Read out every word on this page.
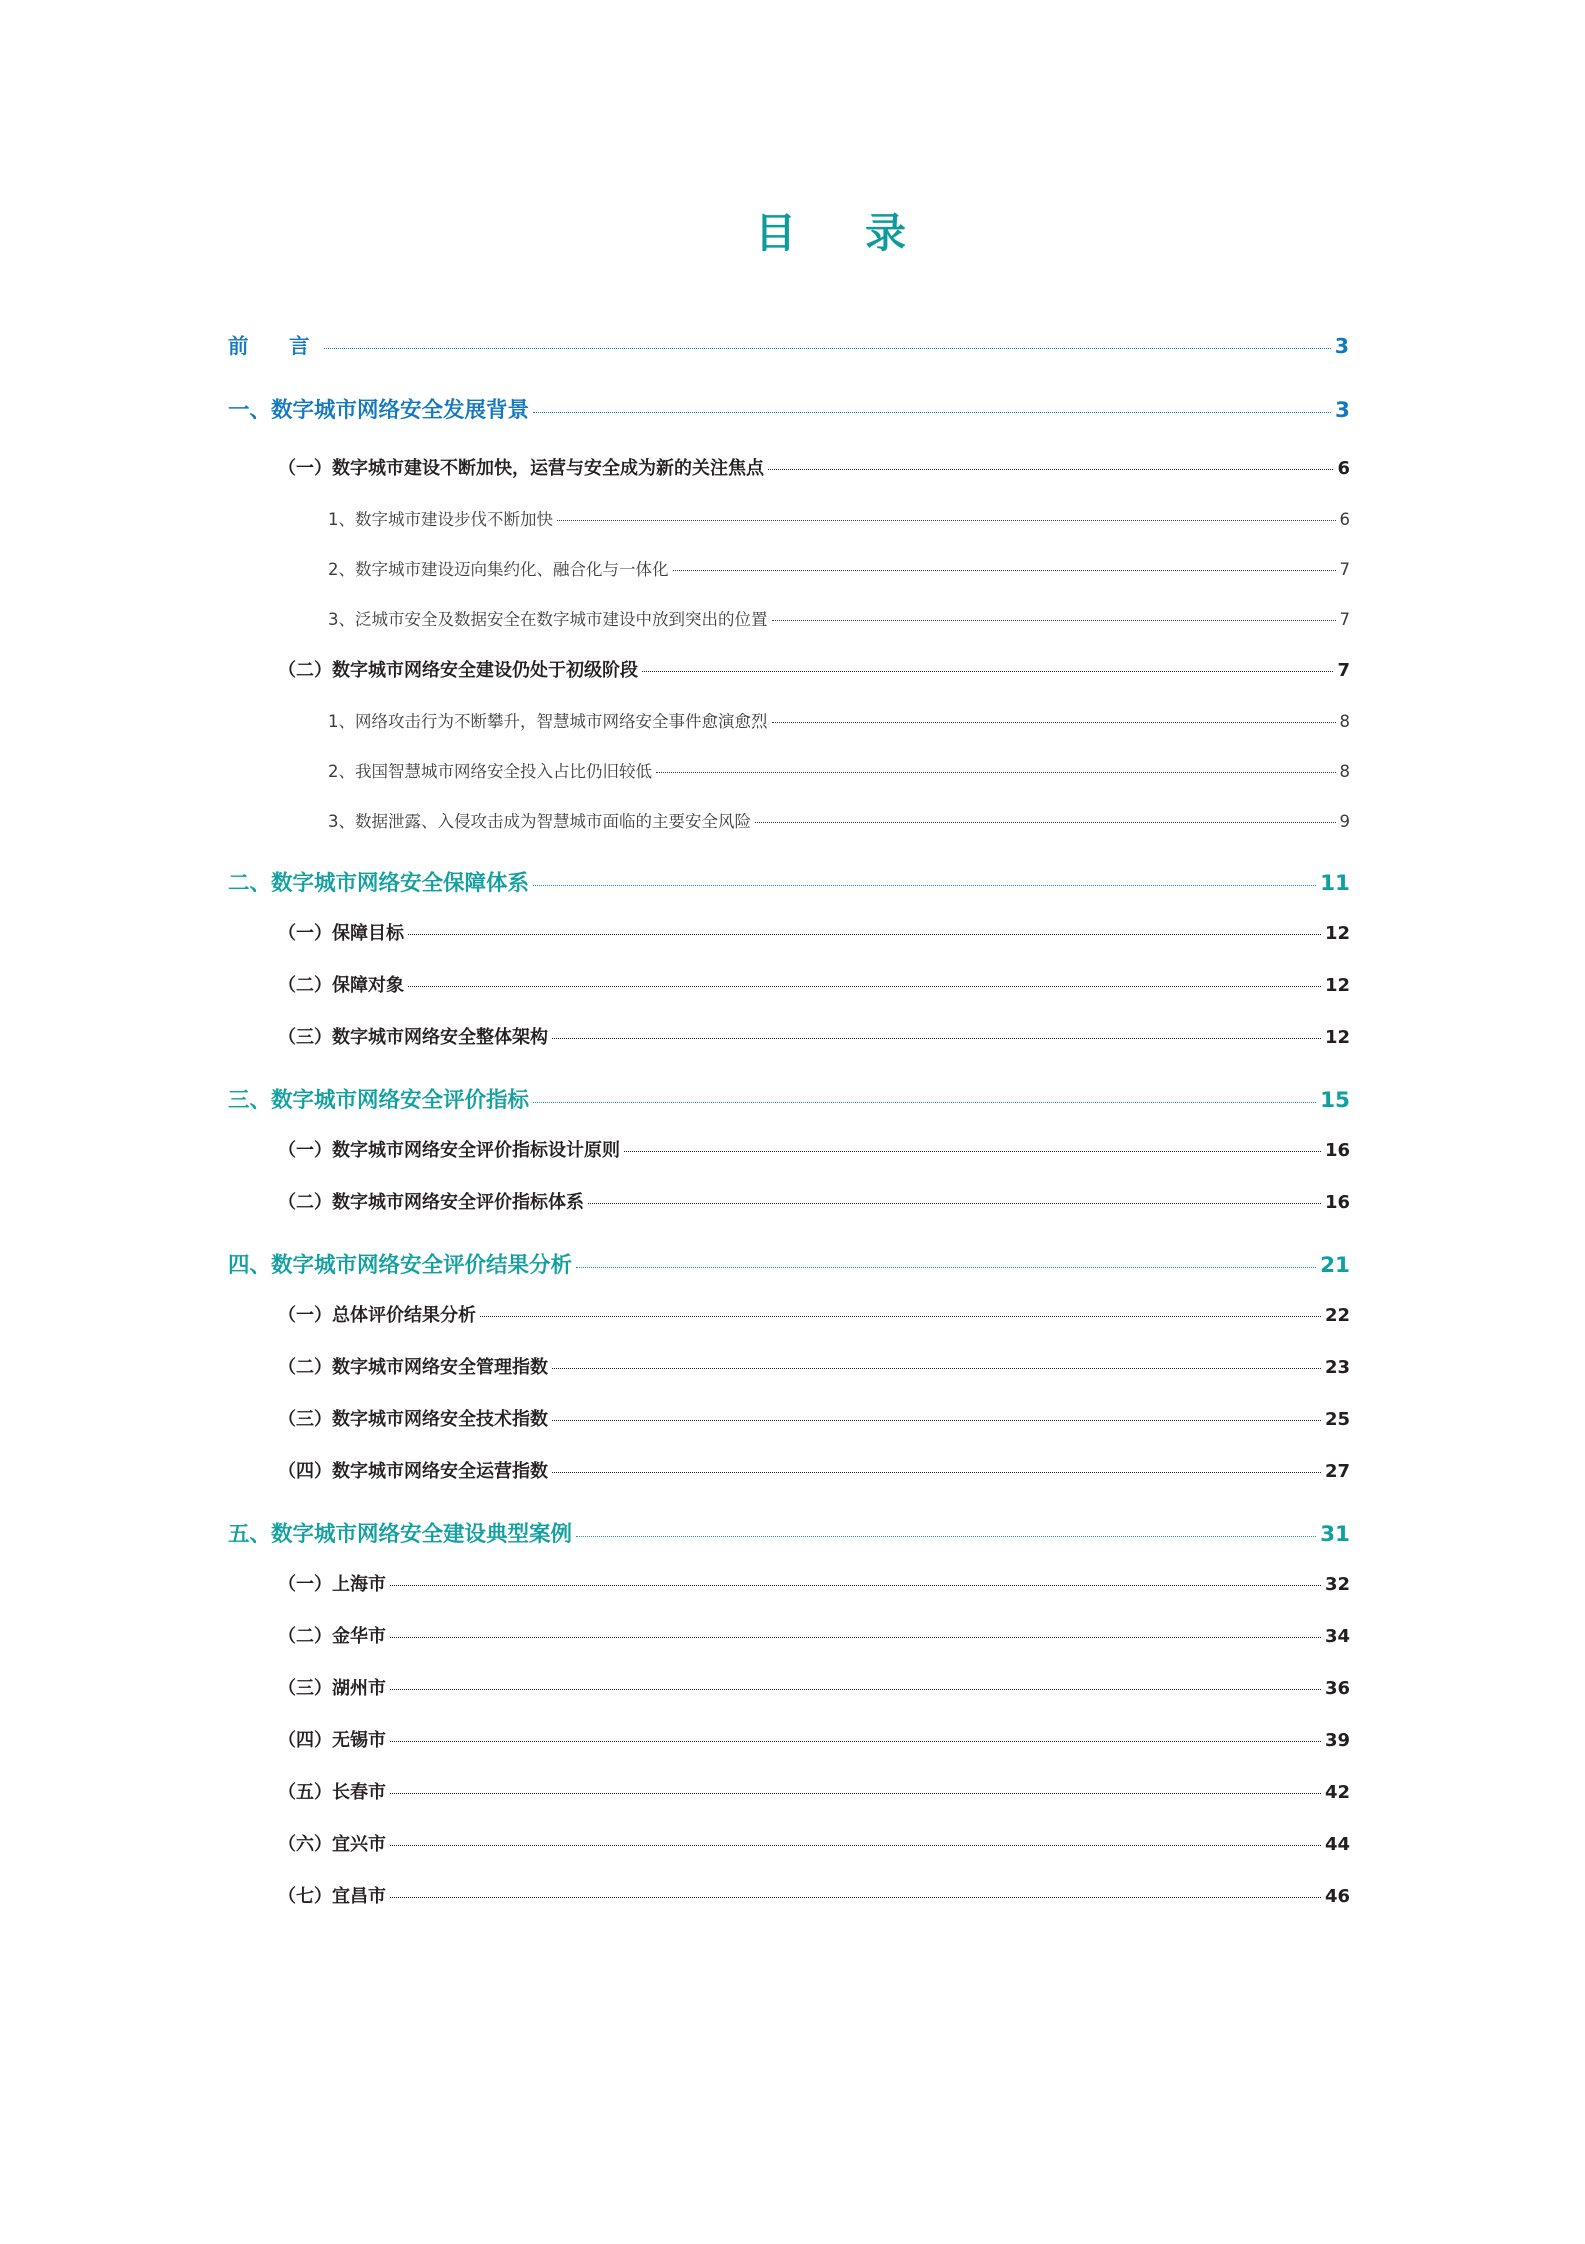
目　录
前　言	3
一、数字城市网络安全发展背景	3
（一）数字城市建设不断加快，运营与安全成为新的关注焦点	6
1、数字城市建设步伐不断加快	6
2、数字城市建设迈向集约化、融合化与一体化	7
3、泛城市安全及数据安全在数字城市建设中放到突出的位置	7
（二）数字城市网络安全建设仍处于初级阶段	7
1、网络攻击行为不断攀升，智慧城市网络安全事件愈演愈烈	8
2、我国智慧城市网络安全投入占比仍旧较低	8
3、数据泄露、入侵攻击成为智慧城市面临的主要安全风险	9
二、数字城市网络安全保障体系	11
（一）保障目标	12
（二）保障对象	12
（三）数字城市网络安全整体架构	12
三、数字城市网络安全评价指标	15
（一）数字城市网络安全评价指标设计原则	16
（二）数字城市网络安全评价指标体系	16
四、数字城市网络安全评价结果分析	21
（一）总体评价结果分析	22
（二）数字城市网络安全管理指数	23
（三）数字城市网络安全技术指数	25
（四）数字城市网络安全运营指数	27
五、数字城市网络安全建设典型案例	31
（一）上海市	32
（二）金华市	34
（三）湖州市	36
（四）无锡市	39
（五）长春市	42
（六）宜兴市	44
（七）宜昌市	46
